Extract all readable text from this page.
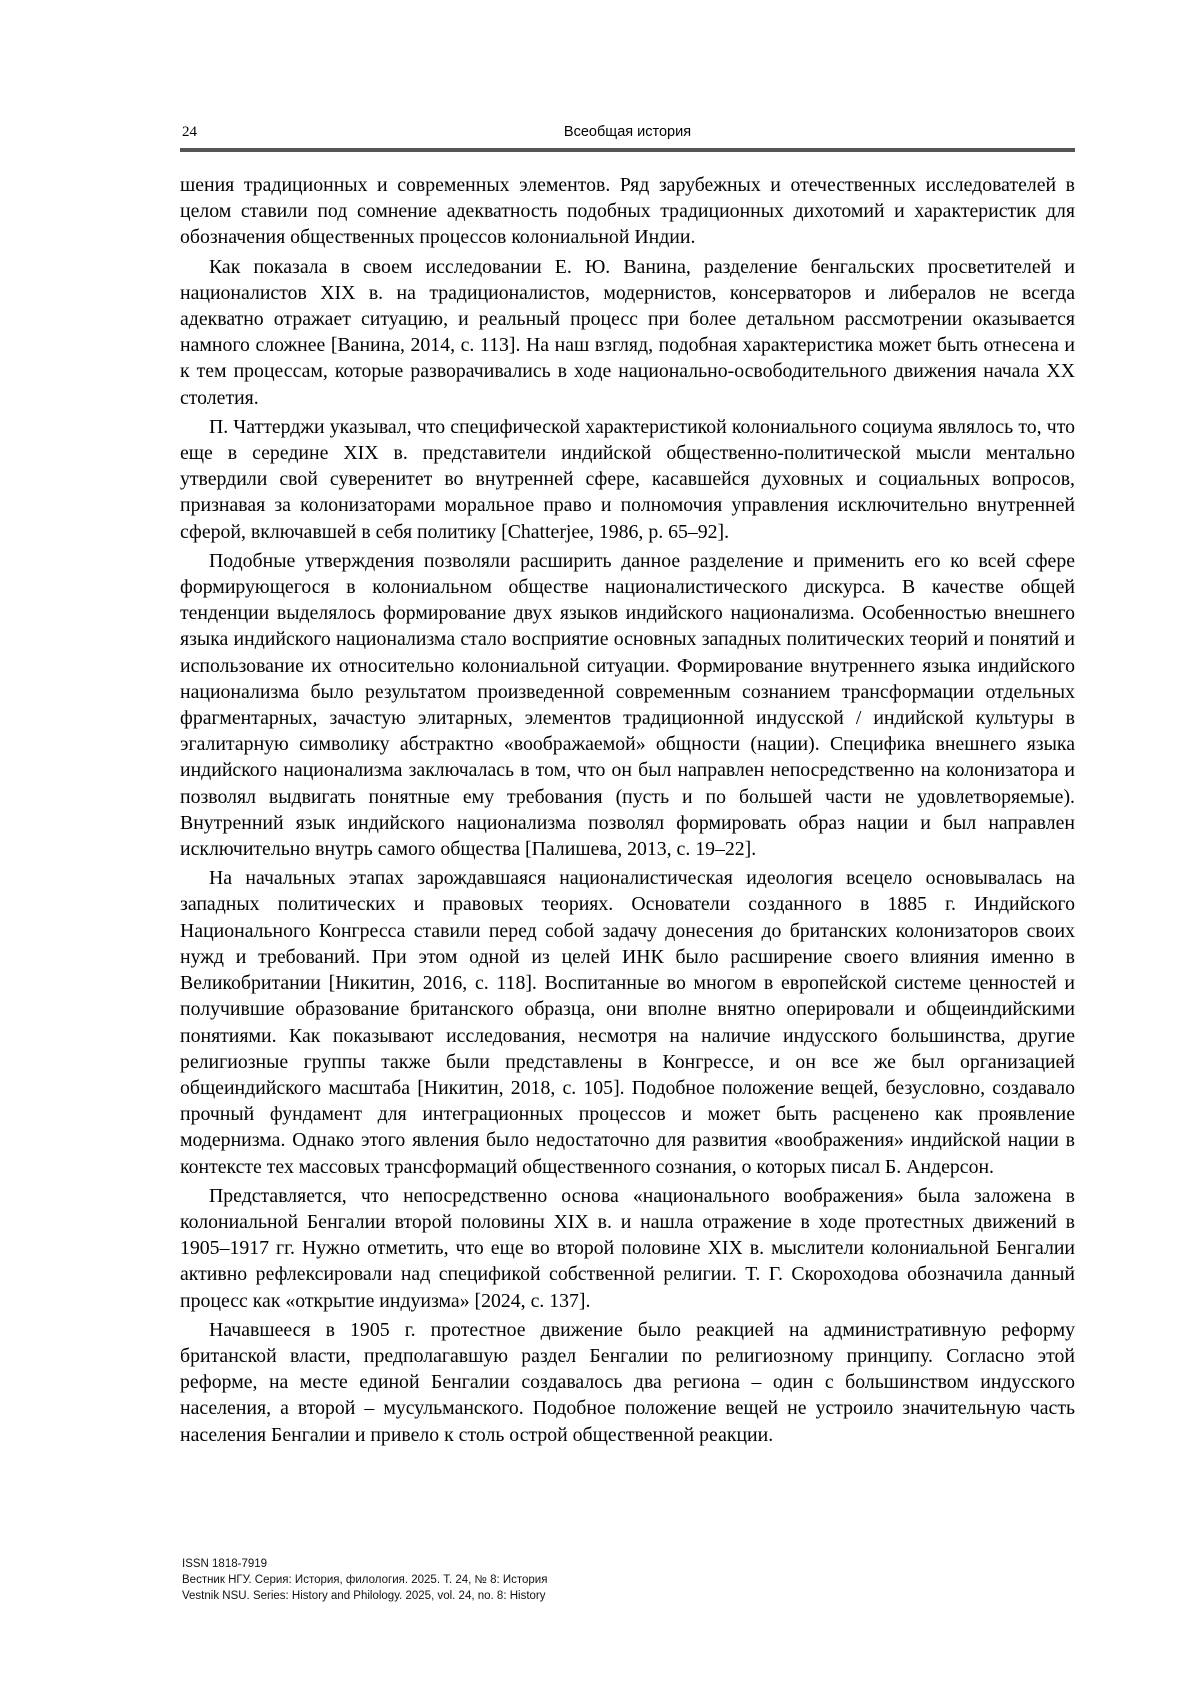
24	Всеобщая история

шения традиционных и современных элементов. Ряд зарубежных и отечественных исследователей в целом ставили под сомнение адекватность подобных традиционных дихотомий и характеристик для обозначения общественных процессов колониальной Индии.

Как показала в своем исследовании Е. Ю. Ванина, разделение бенгальских просветителей и националистов XIX в. на традиционалистов, модернистов, консерваторов и либералов не всегда адекватно отражает ситуацию, и реальный процесс при более детальном рассмотрении оказывается намного сложнее [Ванина, 2014, с. 113]. На наш взгляд, подобная характеристика может быть отнесена и к тем процессам, которые разворачивались в ходе национально-освободительного движения начала XX столетия.

П. Чаттерджи указывал, что специфической характеристикой колониального социума являлось то, что еще в середине XIX в. представители индийской общественно-политической мысли ментально утвердили свой суверенитет во внутренней сфере, касавшейся духовных и социальных вопросов, признавая за колонизаторами моральное право и полномочия управления исключительно внутренней сферой, включавшей в себя политику [Chatterjee, 1986, p. 65–92].

Подобные утверждения позволяли расширить данное разделение и применить его ко всей сфере формирующегося в колониальном обществе националистического дискурса. В качестве общей тенденции выделялось формирование двух языков индийского национализма. Особенностью внешнего языка индийского национализма стало восприятие основных западных политических теорий и понятий и использование их относительно колониальной ситуации. Формирование внутреннего языка индийского национализма было результатом произведенной современным сознанием трансформации отдельных фрагментарных, зачастую элитарных, элементов традиционной индусской / индийской культуры в эгалитарную символику абстрактно «воображаемой» общности (нации). Специфика внешнего языка индийского национализма заключалась в том, что он был направлен непосредственно на колонизатора и позволял выдвигать понятные ему требования (пусть и по большей части не удовлетворяемые). Внутренний язык индийского национализма позволял формировать образ нации и был направлен исключительно внутрь самого общества [Палишева, 2013, с. 19–22].

На начальных этапах зарождавшаяся националистическая идеология всецело основывалась на западных политических и правовых теориях. Основатели созданного в 1885 г. Индийского Национального Конгресса ставили перед собой задачу донесения до британских колонизаторов своих нужд и требований. При этом одной из целей ИНК было расширение своего влияния именно в Великобритании [Никитин, 2016, с. 118]. Воспитанные во многом в европейской системе ценностей и получившие образование британского образца, они вполне внятно оперировали и общеиндийскими понятиями. Как показывают исследования, несмотря на наличие индусского большинства, другие религиозные группы также были представлены в Конгрессе, и он все же был организацией общеиндийского масштаба [Никитин, 2018, с. 105]. Подобное положение вещей, безусловно, создавало прочный фундамент для интеграционных процессов и может быть расценено как проявление модернизма. Однако этого явления было недостаточно для развития «воображения» индийской нации в контексте тех массовых трансформаций общественного сознания, о которых писал Б. Андерсон.

Представляется, что непосредственно основа «национального воображения» была заложена в колониальной Бенгалии второй половины XIX в. и нашла отражение в ходе протестных движений в 1905–1917 гг. Нужно отметить, что еще во второй половине XIX в. мыслители колониальной Бенгалии активно рефлексировали над спецификой собственной религии. Т. Г. Скороходова обозначила данный процесс как «открытие индуизма» [2024, с. 137].

Начавшееся в 1905 г. протестное движение было реакцией на административную реформу британской власти, предполагавшую раздел Бенгалии по религиозному принципу. Согласно этой реформе, на месте единой Бенгалии создавалось два региона – один с большинством индусского населения, а второй – мусульманского. Подобное положение вещей не устроило значительную часть населения Бенгалии и привело к столь острой общественной реакции.

ISSN 1818-7919
Вестник НГУ. Серия: История, филология. 2025. Т. 24, № 8: История
Vestnik NSU. Series: History and Philology. 2025, vol. 24, no. 8: History
